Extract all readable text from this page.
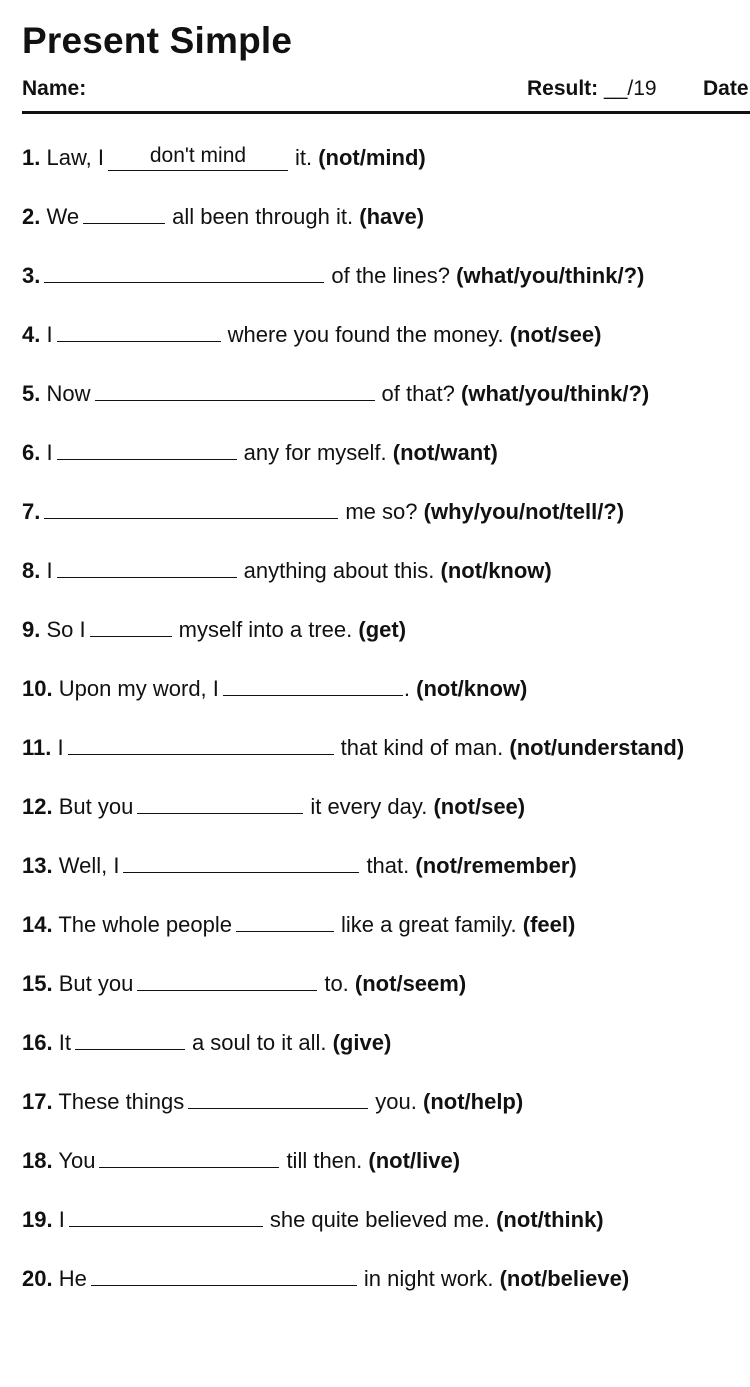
Present Simple
Name:	Result: __/19 Date
1. Law, I don't mind it. (not/mind)
2. We	all been through it. (have)
3.	of the lines? (what/you/think/?)
4. I	where you found the money. (not/see)
5. Now	of that? (what/you/think/?)
6. I	any for myself. (not/want)
7.	me so? (why/you/not/tell/?)
8. I	anything about this. (not/know)
9. So I	myself into a tree. (get)
10. Upon my word, I	. (not/know)
11. I	that kind of man. (not/understand)
12. But you	it every day. (not/see)
13. Well, I	that. (not/remember)
14. The whole people	like a great family. (feel)
15. But you	to. (not/seem)
16. It	a soul to it all. (give)
17. These things	you. (not/help)
18. You	till then. (not/live)
19. I	she quite believed me. (not/think)
20. He	in night work. (not/believe)
